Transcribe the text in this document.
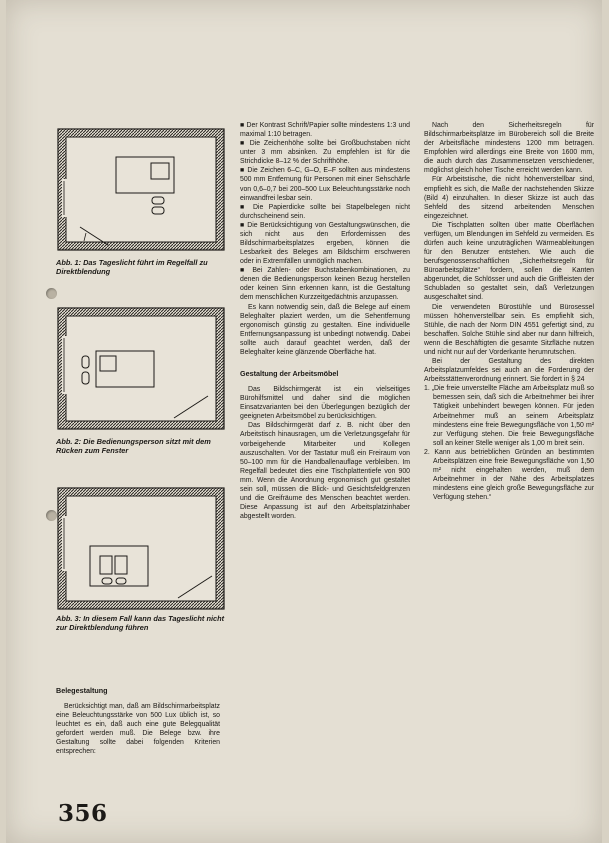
Abb. 1: Das Tageslicht führt im Regelfall zu Direktblendung
Abb. 2: Die Bedienungsperson sitzt mit dem Rücken zum Fenster
Abb. 3: In diesem Fall kann das Tageslicht nicht zur Direktblendung führen
Belegestaltung

Berücksichtigt man, daß am Bildschirmarbeitsplatz eine Beleuchtungsstärke von 500 Lux üblich ist, so leuchtet es ein, daß auch eine gute Belegqualität gefordert werden muß. Die Belege bzw. ihre Gestaltung sollte dabei folgenden Kriterien entsprechen:

356

■ Der Kontrast Schrift/Papier sollte mindestens 1:3 und maximal 1:10 betragen.

■ Die Zeichenhöhe sollte bei Großbuchstaben nicht unter 3 mm absinken. Zu empfehlen ist für die Strichdicke 8–12 % der Schrifthöhe.

■ Die Zeichen 6–C, G–O, E–F sollten aus mindestens 500 mm Entfernung für Personen mit einer Sehschärfe von 0,6–0,7 bei 200–500 Lux Beleuchtungsstärke noch einwandfrei lesbar sein.

■ Die Papierdicke sollte bei Stapelbelegen nicht durchscheinend sein.

■ Die Berücksichtigung von Gestaltungswünschen, die sich nicht aus den Erfordernissen des Bildschirmarbeitsplatzes ergeben, können die Lesbarkeit des Beleges am Bildschirm erschweren oder in Extremfällen unmöglich machen.

■ Bei Zahlen- oder Buchstabenkombinationen, zu denen die Bedienungsperson keinen Bezug herstellen oder keinen Sinn erkennen kann, ist die Gestaltung dem menschlichen Kurzzeitgedächtnis anzupassen.

Es kann notwendig sein, daß die Belege auf einem Beleghalter plaziert werden, um die Sehentfernung ergonomisch günstig zu gestalten. Eine individuelle Entfernungsanpassung ist unbedingt notwendig. Dabei sollte auch darauf geachtet werden, daß der Beleghalter keine glänzende Oberfläche hat.

Gestaltung der Arbeitsmöbel

Das Bildschirmgerät ist ein vielseitiges Bürohilfsmittel und daher sind die möglichen Einsatzvarianten bei den Überlegungen bezüglich der geeigneten Arbeitsmöbel zu berücksichtigen.

Das Bildschirmgerät darf z. B. nicht über den Arbeitstisch hinausragen, um die Verletzungsgefahr für vorbeigehende Mitarbeiter und Kollegen auszuschalten. Vor der Tastatur muß ein Freiraum von 50–100 mm für die Handballenauflage verbleiben. Im Regelfall bedeutet dies eine Tischplattentiefe von 900 mm. Wenn die Anordnung ergonomisch gut gestaltet sein soll, müssen die Blick- und Gesichtsfeldgrenzen und die Greifräume des Menschen beachtet werden. Diese Anpassung ist auf den Arbeitsplatzinhaber abgestellt worden.

Nach den Sicherheitsregeln für Bildschirmarbeitsplätze im Bürobereich soll die Breite der Arbeitsfläche mindestens 1200 mm betragen. Empfohlen wird allerdings eine Breite von 1600 mm, die auch durch das Zusammensetzen verschiedener, möglichst gleich hoher Tische erreicht werden kann.

Für Arbeitstische, die nicht höhenverstellbar sind, empfiehlt es sich, die Maße der nachstehenden Skizze (Bild 4) einzuhalten. In dieser Skizze ist auch das Sehfeld des sitzend arbeitenden Menschen eingezeichnet.

Die Tischplatten sollten über matte Oberflächen verfügen, um Blendungen im Sehfeld zu vermeiden. Es dürfen auch keine unzuträglichen Wärmeableitungen für den Benutzer entstehen. Wie auch die berufsgenossenschaftlichen „Sicherheitsregeln für Büroarbeitsplätze“ fordern, sollen die Kanten abgerundet, die Schlösser und auch die Griffleisten der Schubladen so gestaltet sein, daß Verletzungen ausgeschaltet sind.

Die verwendeten Bürostühle und Bürosessel müssen höhenverstellbar sein. Es empfiehlt sich, Stühle, die nach der Norm DIN 4551 gefertigt sind, zu beschaffen. Solche Stühle sind aber nur dann hilfreich, wenn die Beschäftigten die gesamte Sitzfläche nutzen und nicht nur auf der Vorderkante herumrutschen.

Bei der Gestaltung des direkten Arbeitsplatzumfeldes sei auch an die Forderung der Arbeitsstättenverordnung erinnert. Sie fordert in § 24

1. „Die freie unverstellte Fläche am Arbeitsplatz muß so bemessen sein, daß sich die Arbeitnehmer bei ihrer Tätigkeit unbehindert bewegen können. Für jeden Arbeitnehmer muß an seinem Arbeitsplatz mindestens eine freie Bewegungsfläche von 1,50 m² zur Verfügung stehen. Die freie Bewegungsfläche soll an keiner Stelle weniger als 1,00 m breit sein.

2. Kann aus betrieblichen Gründen an bestimmten Arbeitsplätzen eine freie Bewegungsfläche von 1,50 m² nicht eingehalten werden, muß dem Arbeitnehmer in der Nähe des Arbeitsplatzes mindestens eine gleich große Bewegungsfläche zur Verfügung stehen.“
